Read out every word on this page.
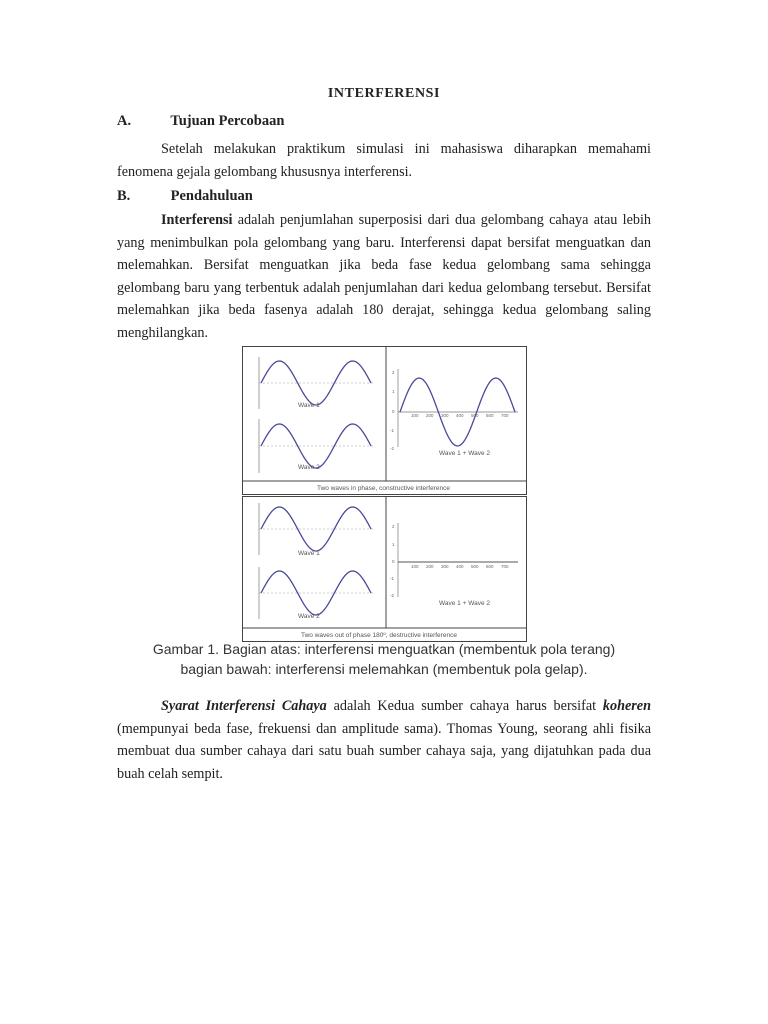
INTERFERENSI
A.	Tujuan Percobaan
Setelah melakukan praktikum simulasi ini mahasiswa diharapkan memahami fenomena gejala gelombang khususnya interferensi.
B.	Pendahuluan
Interferensi adalah penjumlahan superposisi dari dua gelombang cahaya atau lebih yang menimbulkan pola gelombang yang baru. Interferensi dapat bersifat menguatkan dan melemahkan. Bersifat menguatkan jika beda fase kedua gelombang sama sehingga gelombang baru yang terbentuk adalah penjumlahan dari kedua gelombang tersebut. Bersifat melemahkan jika beda fasenya adalah 180 derajat, sehingga kedua gelombang saling menghilangkan.
Wave 1
Wave 2
100 200 300 400 500 600 700
2
1
0
-1
-2
Wave 1 + Wave 2
Two waves in phase, constructive interference
Wave 1
Wave 2
100 200 300 400 500 600 700
2
1
0
-1
-2
Wave 1 + Wave 2
Two waves out of phase 180º, destructive interference
Gambar 1. Bagian atas: interferensi menguatkan (membentuk pola terang)
bagian bawah: interferensi melemahkan (membentuk pola gelap).
Syarat Interferensi Cahaya adalah Kedua sumber cahaya harus bersifat koheren (mempunyai beda fase, frekuensi dan amplitude sama). Thomas Young, seorang ahli fisika membuat dua sumber cahaya dari satu buah sumber cahaya saja, yang dijatuhkan pada dua buah celah sempit.
